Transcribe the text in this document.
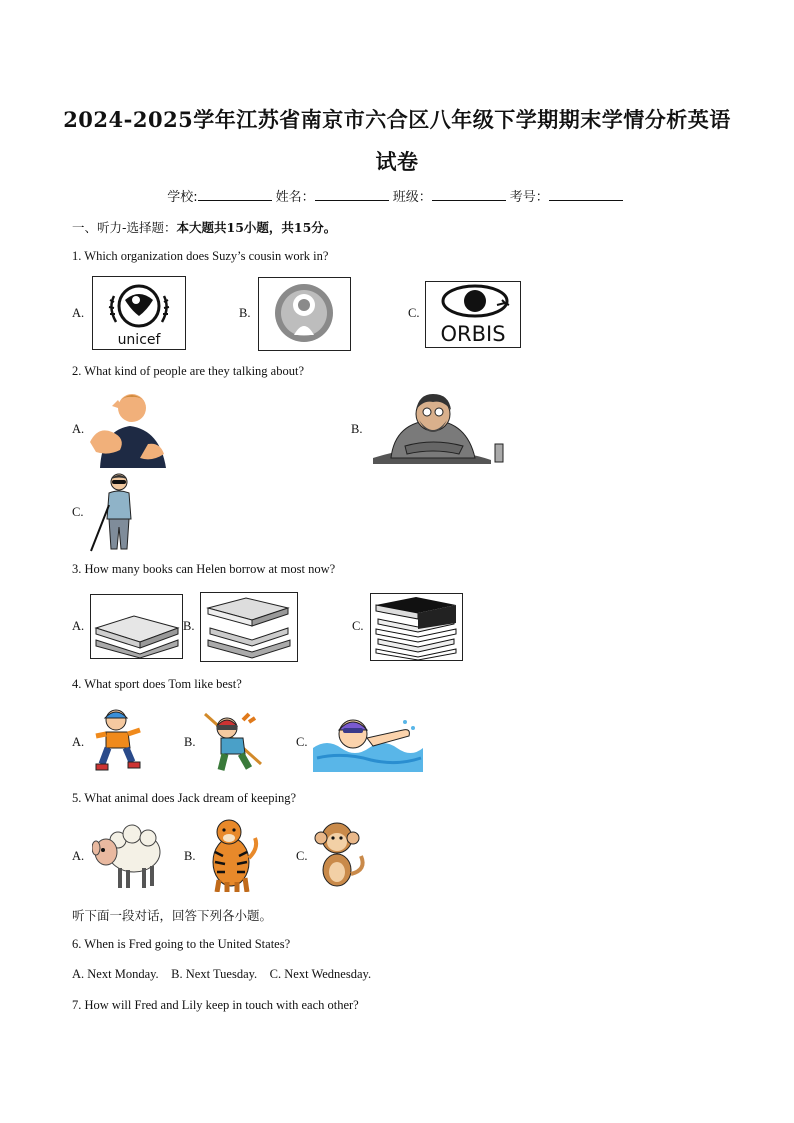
2024-2025学年江苏省南京市六合区八年级下学期期末学情分析英语
试卷
学校:	姓名：	班级：	考号：
一、听力-选择题：本大题共15小题，共15分。
1. Which organization does Suzy’s cousin work in?
A.
unicef
B.	C.
ORBIS
2. What kind of people are they talking about?
A.	B.
C.
3. How many books can Helen borrow at most now?
A.	B.	C.
4. What sport does Tom like best?
A.	B.	C.
5. What animal does Jack dream of keeping?
A.	B.	C.
听下面一段对话，回答下列各小题。
6. When is Fred going to the United States?
A. Next Monday.    B. Next Tuesday.    C. Next Wednesday.
7. How will Fred and Lily keep in touch with each other?
